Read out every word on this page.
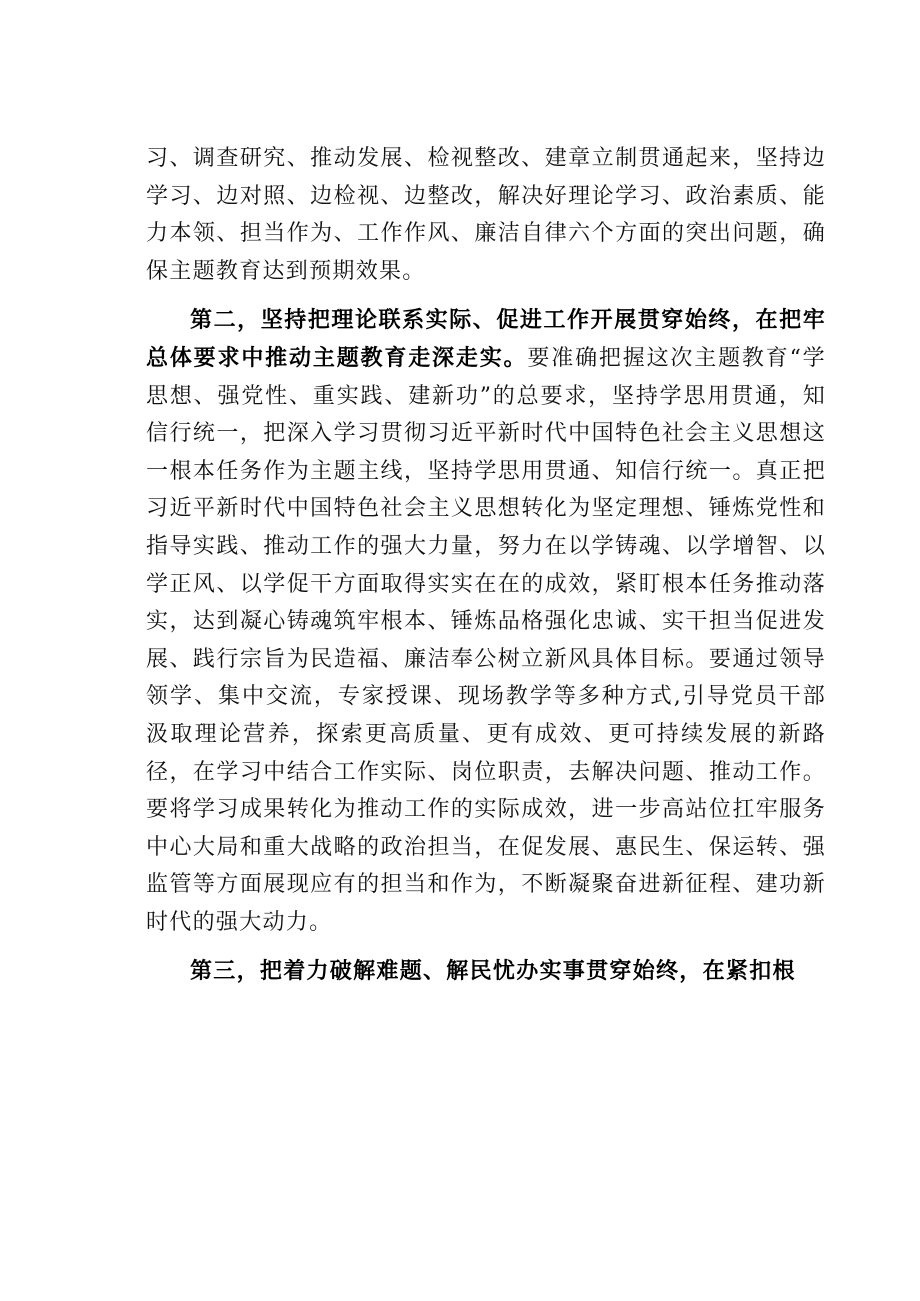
习、调查研究、推动发展、检视整改、建章立制贯通起来，坚持边学习、边对照、边检视、边整改，解决好理论学习、政治素质、能力本领、担当作为、工作作风、廉洁自律六个方面的突出问题，确保主题教育达到预期效果。

第二，坚持把理论联系实际、促进工作开展贯穿始终，在把牢总体要求中推动主题教育走深走实。要准确把握这次主题教育“学思想、强党性、重实践、建新功”的总要求，坚持学思用贯通，知信行统一，把深入学习贯彻习近平新时代中国特色社会主义思想这一根本任务作为主题主线，坚持学思用贯通、知信行统一。真正把习近平新时代中国特色社会主义思想转化为坚定理想、锤炼党性和指导实践、推动工作的强大力量，努力在以学铸魂、以学增智、以学正风、以学促干方面取得实实在在的成效，紧盯根本任务推动落实，达到凝心铸魂筑牢根本、锤炼品格强化忠诚、实干担当促进发展、践行宗旨为民造福、廉洁奉公树立新风具体目标。要通过领导领学、集中交流，专家授课、现场教学等多种方式,引导党员干部汲取理论营养，探索更高质量、更有成效、更可持续发展的新路径，在学习中结合工作实际、岗位职责，去解决问题、推动工作。要将学习成果转化为推动工作的实际成效，进一步高站位扛牢服务中心大局和重大战略的政治担当，在促发展、惠民生、保运转、强监管等方面展现应有的担当和作为，不断凝聚奋进新征程、建功新时代的强大动力。

第三，把着力破解难题、解民忧办实事贯穿始终，在紧扣根
